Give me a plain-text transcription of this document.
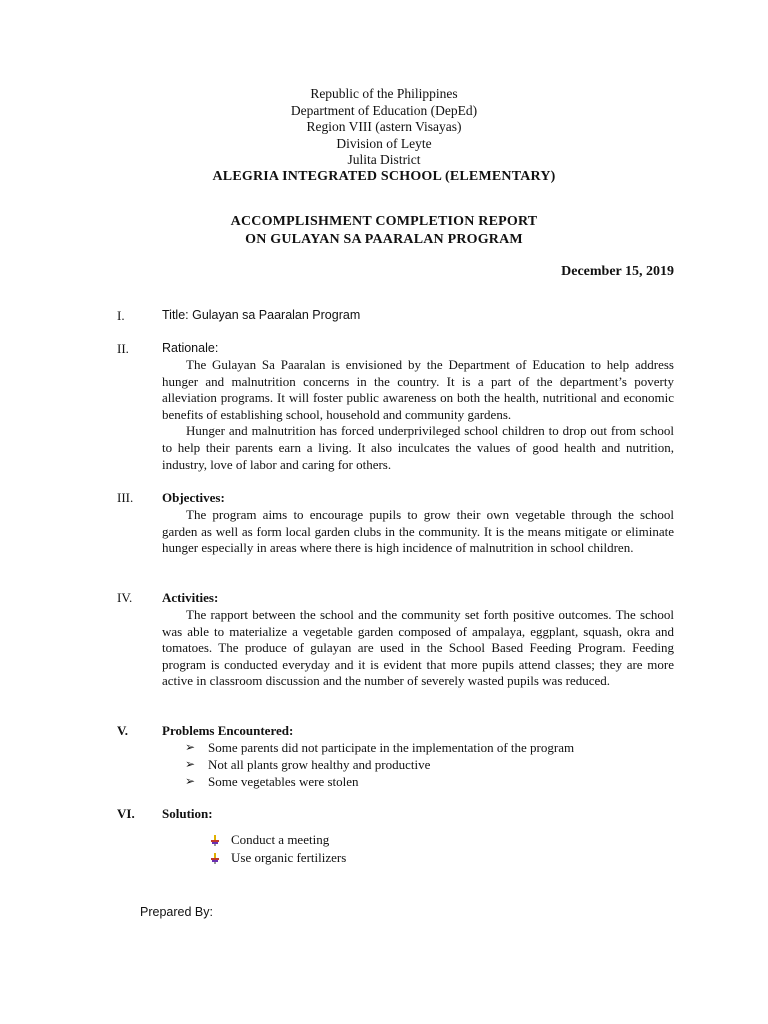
Republic of the Philippines
Department of Education (DepEd)
Region VIII (astern Visayas)
Division of Leyte
Julita District
ALEGRIA INTEGRATED SCHOOL (ELEMENTARY)
ACCOMPLISHMENT COMPLETION REPORT
ON GULAYAN SA PAARALAN PROGRAM
December 15, 2019
I.	Title: Gulayan sa Paaralan Program
II.	Rationale:

The Gulayan Sa Paaralan is envisioned by the Department of Education to help address hunger and malnutrition concerns in the country. It is a part of the department’s poverty alleviation programs. It will foster public awareness on both the health, nutritional and economic benefits of establishing school, household and community gardens.

Hunger and malnutrition has forced underprivileged school children to drop out from school to help their parents earn a living. It also inculcates the values of good health and nutrition, industry, love of labor and caring for others.

III. Objectives:

The program aims to encourage pupils to grow their own vegetable through the school garden as well as form local garden clubs in the community. It is the means mitigate or eliminate hunger especially in areas where there is high incidence of malnutrition in school children.

IV. Activities:

The rapport between the school and the community set forth positive outcomes. The school was able to materialize a vegetable garden composed of ampalaya, eggplant, squash, okra and tomatoes. The produce of gulayan are used in the School Based Feeding Program. Feeding program is conducted everyday and it is evident that more pupils attend classes; they are more active in classroom discussion and the number of severely wasted pupils was reduced.

V.	Problems Encountered:
➢ Some parents did not participate in the implementation of the program
➢ Not all plants grow healthy and productive
➢ Some vegetables were stolen
VI. Solution:
Conduct a meeting
Use organic fertilizers
Prepared By:
